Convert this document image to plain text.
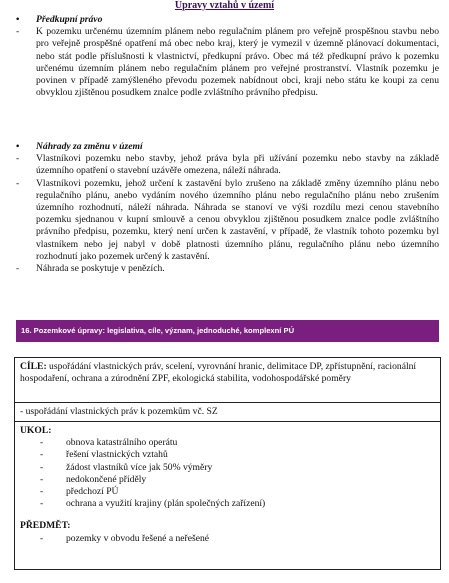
Úpravy vztahů v území
•	Předkupní právo
-	K pozemku určenému územním plánem nebo regulačním plánem pro veřejně prospěšnou stavbu nebo pro veřejně prospěšné opatření má obec nebo kraj, který je vymezil v územně plánovací dokumentaci, nebo stát podle příslušnosti k vlastnictví, předkupní právo. Obec má též předkupní právo k pozemku určenému územním plánem nebo regulačním plánem pro veřejné prostranství. Vlastník pozemku je povinen v případě zamýšleného převodu pozemek nabídnout obci, kraji nebo státu ke koupi za cenu obvyklou zjištěnou posudkem znalce podle zvláštního právního předpisu.
•	Náhrady za změnu v území
-	Vlastníkovi pozemku nebo stavby, jehož práva byla při užívání pozemku nebo stavby na základě územního opatření o stavební uzávěře omezena, náleží náhrada.
-	Vlastníkovi pozemku, jehož určení k zastavění bylo zrušeno na základě změny územního plánu nebo regulačního plánu, anebo vydáním nového územního plánu nebo regulačního plánu nebo zrušením územního rozhodnutí, náleží náhrada. Náhrada se stanoví ve výši rozdílu mezi cenou stavebního pozemku sjednanou v kupní smlouvě a cenou obvyklou zjištěnou posudkem znalce podle zvláštního právního předpisu, pozemku, který není určen k zastavění, v případě, že vlastník tohoto pozemku byl vlastníkem nebo jej nabyl v době platnosti územního plánu, regulačního plánu nebo územního rozhodnutí jako pozemek určený k zastavění.
-	Náhrada se poskytuje v penězích.
16. Pozemkové úpravy: legislativa, cíle, význam, jednoduché, komplexní PÚ
CÍLE: uspořádání vlastnických práv, scelení, vyrovnání hranic, delimitace DP, zpřístupnění, racionální hospodaření, ochrana a zúrodnění ZPF, ekologická stabilita, vodohospodářské poměry
- uspořádání vlastnických práv k pozemkům vč. SZ
UKOL:
-	obnova katastrálního operátu
-	řešení vlastnických vztahů
-	žádost vlastníků více jak 50% výměry
-	nedokončené příděly
-	předchozí PÚ
-	ochrana a využití krajiny (plán společných zařízení)
PŘEDMĚT:
-	pozemky v obvodu řešené a neřešené
